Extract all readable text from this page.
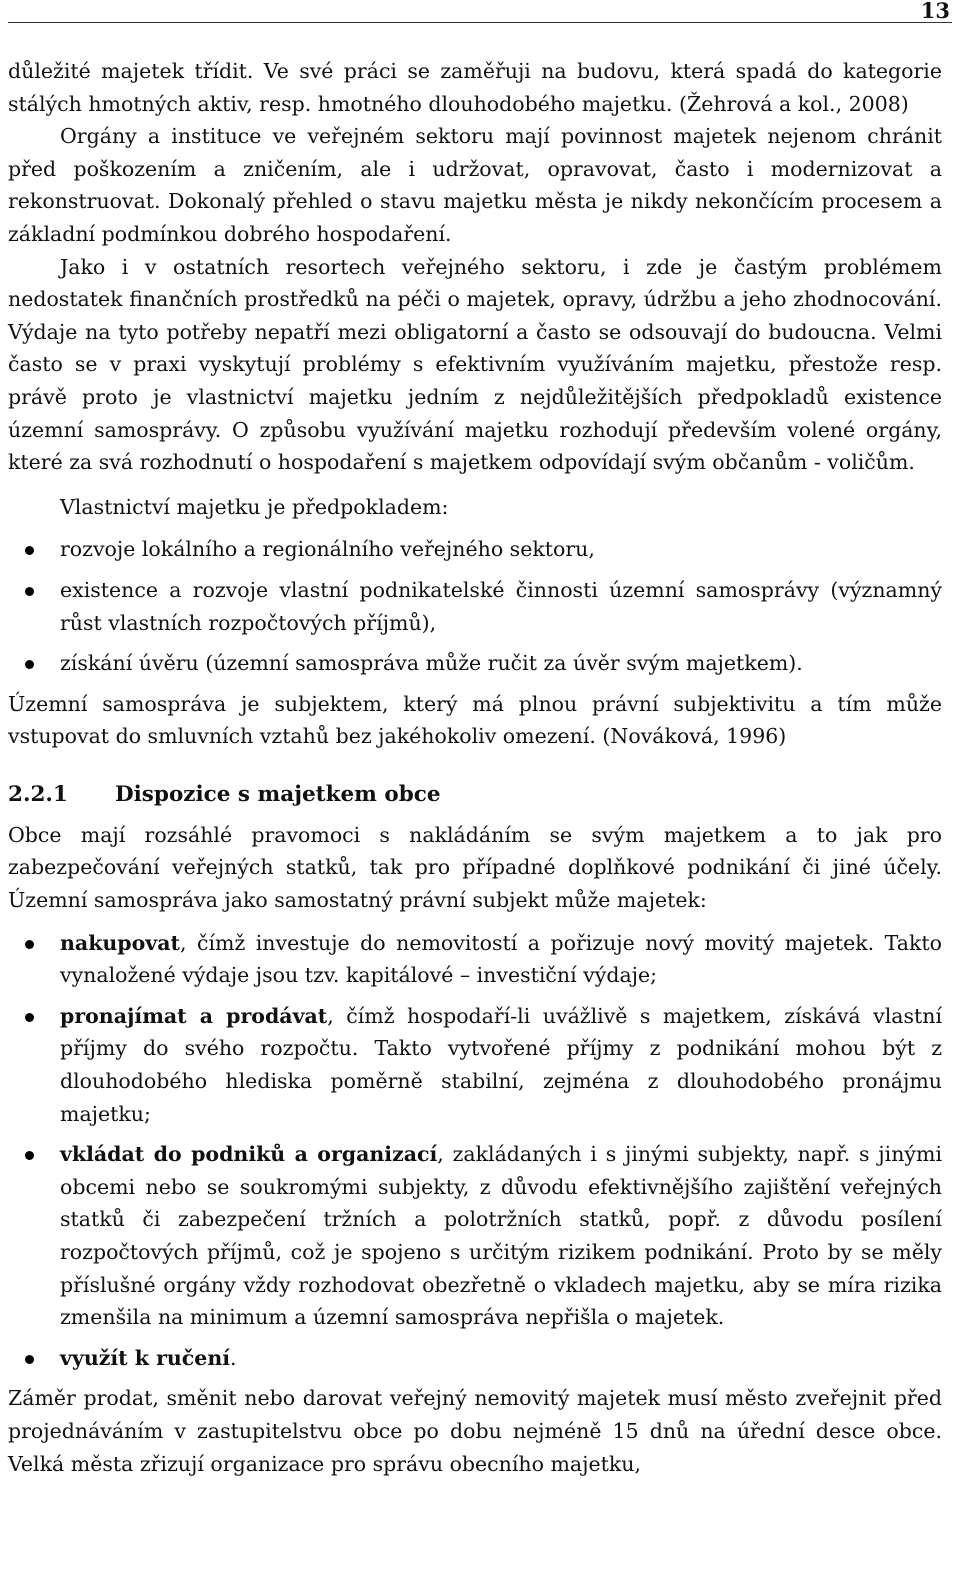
13

důležité majetek třídit. Ve své práci se zaměřuji na budovu, která spadá do kategorie stálých hmotných aktiv, resp. hmotného dlouhodobého majetku. (Žehrová a kol., 2008)

Orgány a instituce ve veřejném sektoru mají povinnost majetek nejenom chránit před poškozením a zničením, ale i udržovat, opravovat, často i modernizovat a rekonstruovat. Dokonalý přehled o stavu majetku města je nikdy nekončícím procesem a základní podmínkou dobrého hospodaření.

Jako i v ostatních resortech veřejného sektoru, i zde je častým problémem nedostatek finančních prostředků na péči o majetek, opravy, údržbu a jeho zhodnocování. Výdaje na tyto potřeby nepatří mezi obligatorní a často se odsouvají do budoucna. Velmi často se v praxi vyskytují problémy s efektivním využíváním majetku, přestože resp. právě proto je vlastnictví majetku jedním z nejdůležitějších předpokladů existence územní samosprávy. O způsobu využívání majetku rozhodují především volené orgány, které za svá rozhodnutí o hospodaření s majetkem odpovídají svým občanům - voličům.

Vlastnictví majetku je předpokladem:

rozvoje lokálního a regionálního veřejného sektoru,
existence a rozvoje vlastní podnikatelské činnosti územní samosprávy (významný růst vlastních rozpočtových příjmů),
získání úvěru (územní samospráva může ručit za úvěr svým majetkem).

Územní samospráva je subjektem, který má plnou právní subjektivitu a tím může vstupovat do smluvních vztahů bez jakéhokoliv omezení. (Nováková, 1996)

2.2.1 Dispozice s majetkem obce

Obce mají rozsáhlé pravomoci s nakládáním se svým majetkem a to jak pro zabezpečování veřejných statků, tak pro případné doplňkové podnikání či jiné účely. Územní samospráva jako samostatný právní subjekt může majetek:

nakupovat, čímž investuje do nemovitostí a pořizuje nový movitý majetek. Takto vynaložené výdaje jsou tzv. kapitálové – investiční výdaje;
pronajímat a prodávat, čímž hospodaří-li uvážlivě s majetkem, získává vlastní příjmy do svého rozpočtu. Takto vytvořené příjmy z podnikání mohou být z dlouhodobého hlediska poměrně stabilní, zejména z dlouhodobého pronájmu majetku;
vkládat do podniků a organizací, zakládaných i s jinými subjekty, např. s jinými obcemi nebo se soukromými subjekty, z důvodu efektivnějšího zajištění veřejných statků či zabezpečení tržních a polotržních statků, popř. z důvodu posílení rozpočtových příjmů, což je spojeno s určitým rizikem podnikání. Proto by se měly příslušné orgány vždy rozhodovat obezřetně o vkladech majetku, aby se míra rizika zmenšila na minimum a územní samospráva nepřišla o majetek.
využít k ručení.

Záměr prodat, směnit nebo darovat veřejný nemovitý majetek musí město zveřejnit před projednáváním v zastupitelstvu obce po dobu nejméně 15 dnů na úřední desce obce. Velká města zřizují organizace pro správu obecního majetku,
